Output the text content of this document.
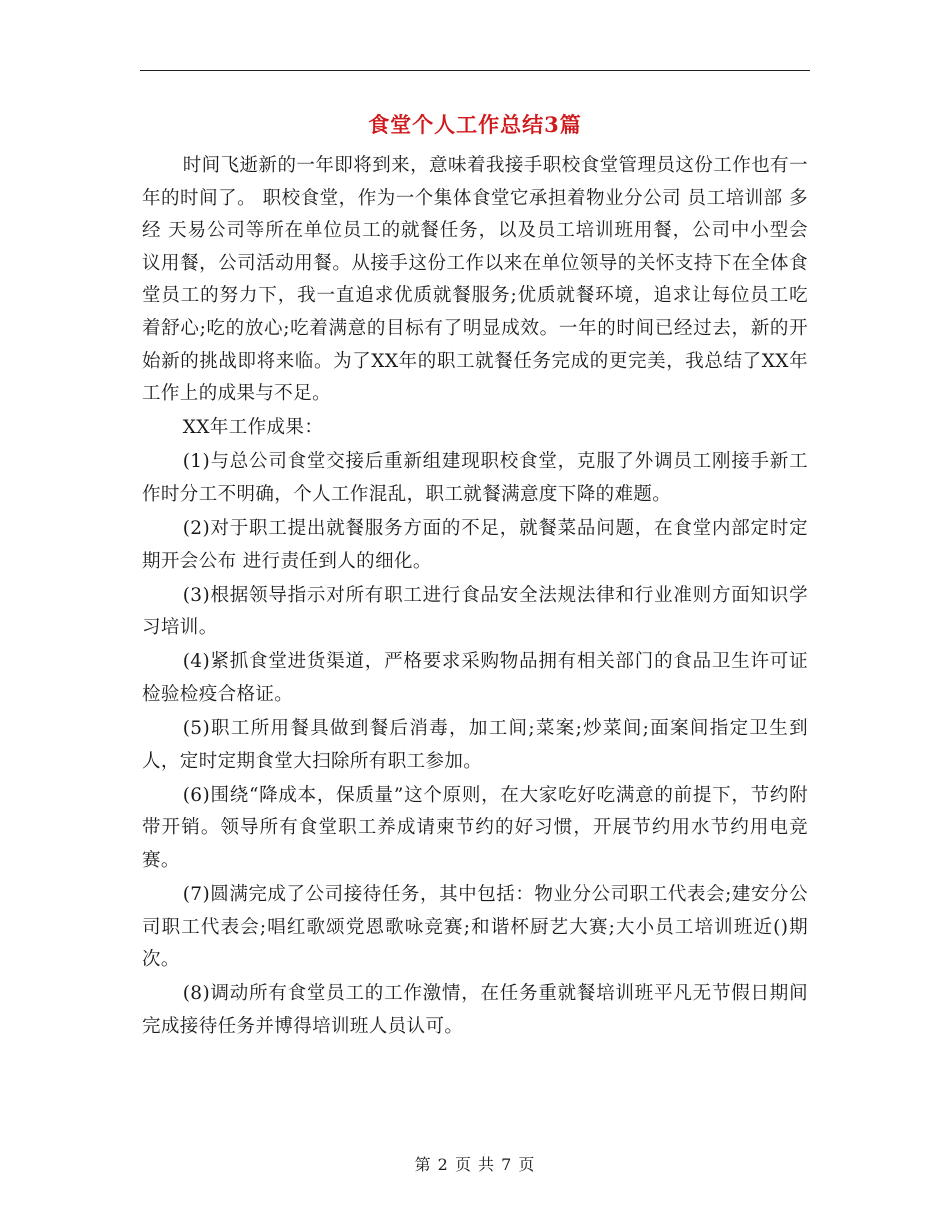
食堂个人工作总结3篇

时间飞逝新的一年即将到来，意味着我接手职校食堂管理员这份工作也有一年的时间了。 职校食堂，作为一个集体食堂它承担着物业分公司 员工培训部 多经 天易公司等所在单位员工的就餐任务，以及员工培训班用餐，公司中小型会议用餐，公司活动用餐。从接手这份工作以来在单位领导的关怀支持下在全体食堂员工的努力下，我一直追求优质就餐服务;优质就餐环境，追求让每位员工吃着舒心;吃的放心;吃着满意的目标有了明显成效。一年的时间已经过去，新的开始新的挑战即将来临。为了XX年的职工就餐任务完成的更完美，我总结了XX年工作上的成果与不足。

XX年工作成果：

(1)与总公司食堂交接后重新组建现职校食堂，克服了外调员工刚接手新工作时分工不明确，个人工作混乱，职工就餐满意度下降的难题。

(2)对于职工提出就餐服务方面的不足，就餐菜品问题，在食堂内部定时定期开会公布 进行责任到人的细化。

(3)根据领导指示对所有职工进行食品安全法规法律和行业准则方面知识学习培训。

(4)紧抓食堂进货渠道，严格要求采购物品拥有相关部门的食品卫生许可证检验检疫合格证。

(5)职工所用餐具做到餐后消毒，加工间;菜案;炒菜间;面案间指定卫生到人，定时定期食堂大扫除所有职工参加。

(6)围绕“降成本，保质量”这个原则，在大家吃好吃满意的前提下，节约附带开销。领导所有食堂职工养成请柬节约的好习惯，开展节约用水节约用电竞赛。

(7)圆满完成了公司接待任务，其中包括：物业分公司职工代表会;建安分公司职工代表会;唱红歌颂党恩歌咏竞赛;和谐杯厨艺大赛;大小员工培训班近()期次。

(8)调动所有食堂员工的工作激情，在任务重就餐培训班平凡无节假日期间完成接待任务并博得培训班人员认可。

第 2 页 共 7 页
